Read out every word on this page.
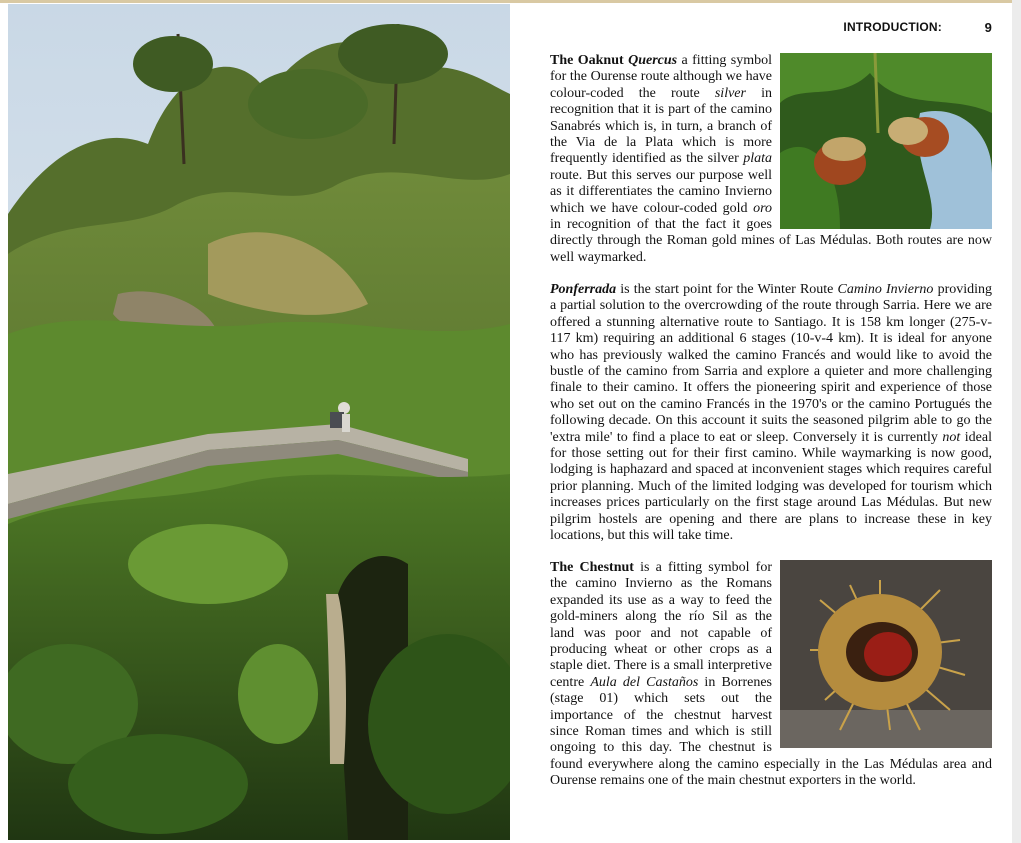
INTRODUCTION:	9

The Oaknut Quercus a fitting symbol for the Ourense route although we have colour-coded the route silver in recognition that it is part of the camino Sanabrés which is, in turn, a branch of the Via de la Plata which is more frequently identified as the silver plata route. But this serves our purpose well as it differentiates the camino Invierno which we have colour-coded gold oro in recognition of that the fact it goes directly through the Roman gold mines of Las Médulas. Both routes are now well waymarked.

Ponferrada is the start point for the Winter Route Camino Invierno providing a partial solution to the overcrowding of the route through Sarria. Here we are offered a stunning alternative route to Santiago. It is 158 km longer (275-v-117 km) requiring an additional 6 stages (10-v-4 km). It is ideal for anyone who has previously walked the camino Francés and would like to avoid the bustle of the camino from Sarria and explore a quieter and more challenging finale to their camino. It offers the pioneering spirit and experience of those who set out on the camino Francés in the 1970's or the camino Portugués the following decade. On this account it suits the seasoned pilgrim able to go the 'extra mile' to find a place to eat or sleep. Conversely it is currently not ideal for those setting out for their first camino. While waymarking is now good, lodging is haphazard and spaced at inconvenient stages which requires careful prior planning. Much of the limited lodging was developed for tourism which increases prices particularly on the first stage around Las Médulas. But new pilgrim hostels are opening and there are plans to increase these in key locations, but this will take time.

The Chestnut is a fitting symbol for the camino Invierno as the Romans expanded its use as a way to feed the gold-miners along the río Sil as the land was poor and not capable of producing wheat or other crops as a staple diet. There is a small interpretive centre Aula del Castaños in Borrenes (stage 01) which sets out the importance of the chestnut harvest since Roman times and which is still ongoing to this day. The chestnut is found everywhere along the camino especially in the Las Médulas area and Ourense remains one of the main chestnut exporters in the world.
